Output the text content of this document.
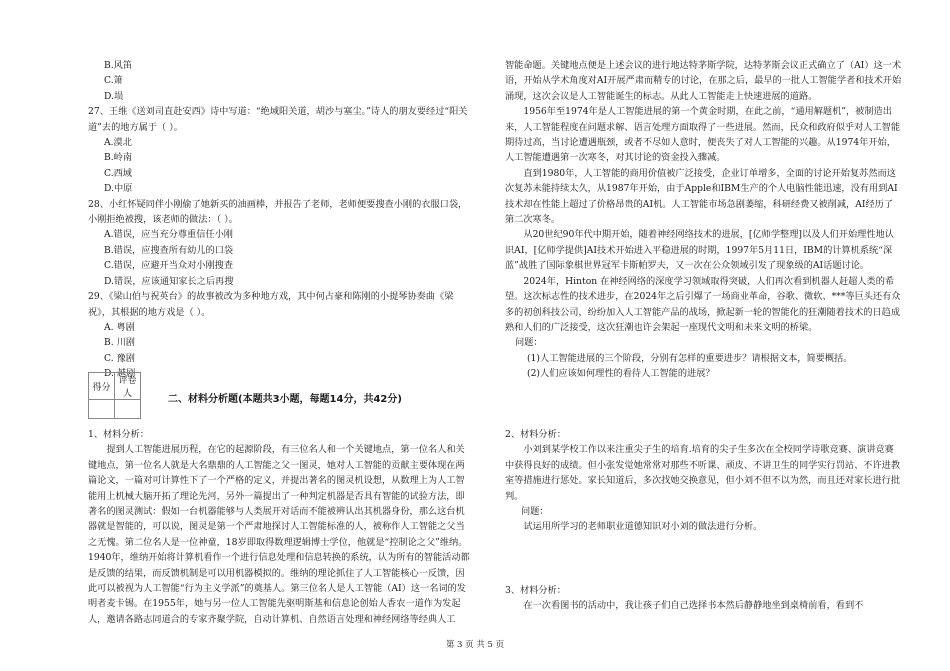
B.风笛

C.箫

D.埙

27、王维《送刘司直赴安西》诗中写道：“绝域阳关道，胡沙与塞尘。”诗人的朋友要经过“阳关道”去的地方属于（ ）。

A.漠北

B.岭南

C.西域

D.中原

28、小红怀疑同伴小刚偷了她新买的油画棒，并报告了老师，老师便要搜查小刚的衣服口袋，小刚拒绝被搜，该老师的做法：（ ）。

A.错误，应当充分尊重信任小刚

B.错误，应搜查所有幼儿的口袋

C.错误，应避开当众对小刚搜查

D.错误，应该通知家长之后再搜

29、《梁山伯与祝英台》的故事被改为多种地方戏，其中何占豪和陈刚的小提琴协奏曲《梁祝》，其根据的地方戏是（ ）。

A. 粤剧

B. 川剧

C. 豫剧

D. 越剧

得分	评卷人
		二、材料分析题(本题共3小题，每题14分，共42分)

智能命题。关键地点便是上述会议的进行地达特茅斯学院，达特茅斯会议正式确立了（AI）这一术语，开始从学术角度对AI开展严肃而精专的讨论，在那之后，最早的一批人工智能学者和技术开始涌现，这次会议是人工智能诞生的标志。从此人工智能走上快速进展的道路。

1956年至1974年是人工智能进展的第一个黄金时期，在此之前，“通用解题机”，被制造出来，人工智能程度在问题求解、语言处理方面取得了一些进展。然而，民众和政府似乎对人工智能期待过高，当讨论遭遇瓶颈，或者不尽如人意时，便丧失了对人工智能的兴趣。从1974年开始，人工智能遭遇第一次寒冬，对其讨论的资金投入骤减。

直到1980年，人工智能的商用价值被广泛接受，企业订单增多，全面的讨论开始复苏然而这次复苏未能持续太久，从1987年开始，由于Apple和IBM生产的个人电脑性能迅速，没有用到AI技术却在性能上超过了价格昂贵的AI机。人工智能市场急剧萎缩，科研经费又被削减，AI经历了第二次寒冬。

从20世纪90年代中期开始，随着神经网络技术的进展，[亿师学整理]以及人们开始理性地认识AI，[亿师学提供]AI技术开始进入平稳进展的时期，1997年5月11日，IBM的计算机系统“深蓝”战胜了国际象棋世界冠军卡斯帕罗夫，又一次在公众领域引发了现象级的AI话题讨论。

2024年，Hinton 在神经网络的深度学习领域取得突破，人们再次看到机器人赶超人类的希望。这次标志性的技术进步，在2024年之后引爆了一场商业革命，谷歌、微软、***等巨头还有众多的初创科技公司，纷纷加入人工智能产品的战场，掀起新一轮的智能化的狂潮随着技术的日趋成熟和人们的广泛接受，这次狂潮也许会架起一座现代文明和未来文明的桥梁。

问题：

(1)人工智能进展的三个阶段，分别有怎样的重要进步？请根据文本，简要概括。

(2)人们应该如何理性的看待人工智能的进展？

1、材料分析：

提到人工智能进展历程，在它的起源阶段，有三位名人和一个关键地点，第一位名人和关键地点，第一位名人就是大名鼎鼎的人工智能之父一图灵，她对人工智能的贡献主要体现在两篇论文，一篇对可计算性下了一个严格的定义，并提出著名的图灵机设想，从数理上为人工智能用上机械大脑开拓了理论先河，另外一篇提出了一种判定机器是否具有智能的试验方法，即著名的图灵测试：假如一台机器能够与人类展开对话而不能被辨认出其机器身份，那么这台机器就是智能的，可以说，图灵是第一个严肃地探讨人工智能标准的人，被称作人工智能之父当之无愧。第二位名人是一位神童，18岁即取得数理逻辑博士学位，他就是“控制论之父”维纳。1940年，维纳开始将计算机看作一个进行信息处理和信息转换的系统，认为所有的智能活动都是反馈的结果，而反馈机制是可以用机器模拟的。维纳的理论抓住了人工智能核心一反馈，因此可以被视为人工智能“行为主义学派”的奠基人。第三位名人是人工智能（AI）这一名词的发明者麦卡锡。在1955年，她与另一位人工智能先驱明斯基和信息论创始人香农一道作为发起人，邀请各路志同道合的专家齐聚学院，自动计算机、自然语言处理和神经网络等经典人工

2、材料分析：

小刘到某学校工作以来注重尖子生的培育.培育的尖子生多次在全校同学诗歌竞赛、演讲竞赛中获得良好的成绩。但小张发觉她常常对那些不听课、顽皮、不讲卫生的同学实行罚站、不许进教室等措施进行惩处。家长知道后，多次找她交换意见，但小刘不但不以为然，而且还对家长进行批判。

问题：

试运用所学习的老师职业道德知识对小刘的做法进行分析。

3、材料分析：

在一次看图书的活动中，我让孩子们自己选择书本然后静静地坐到桌椅前看，看到不

第 3 页 共 5 页
